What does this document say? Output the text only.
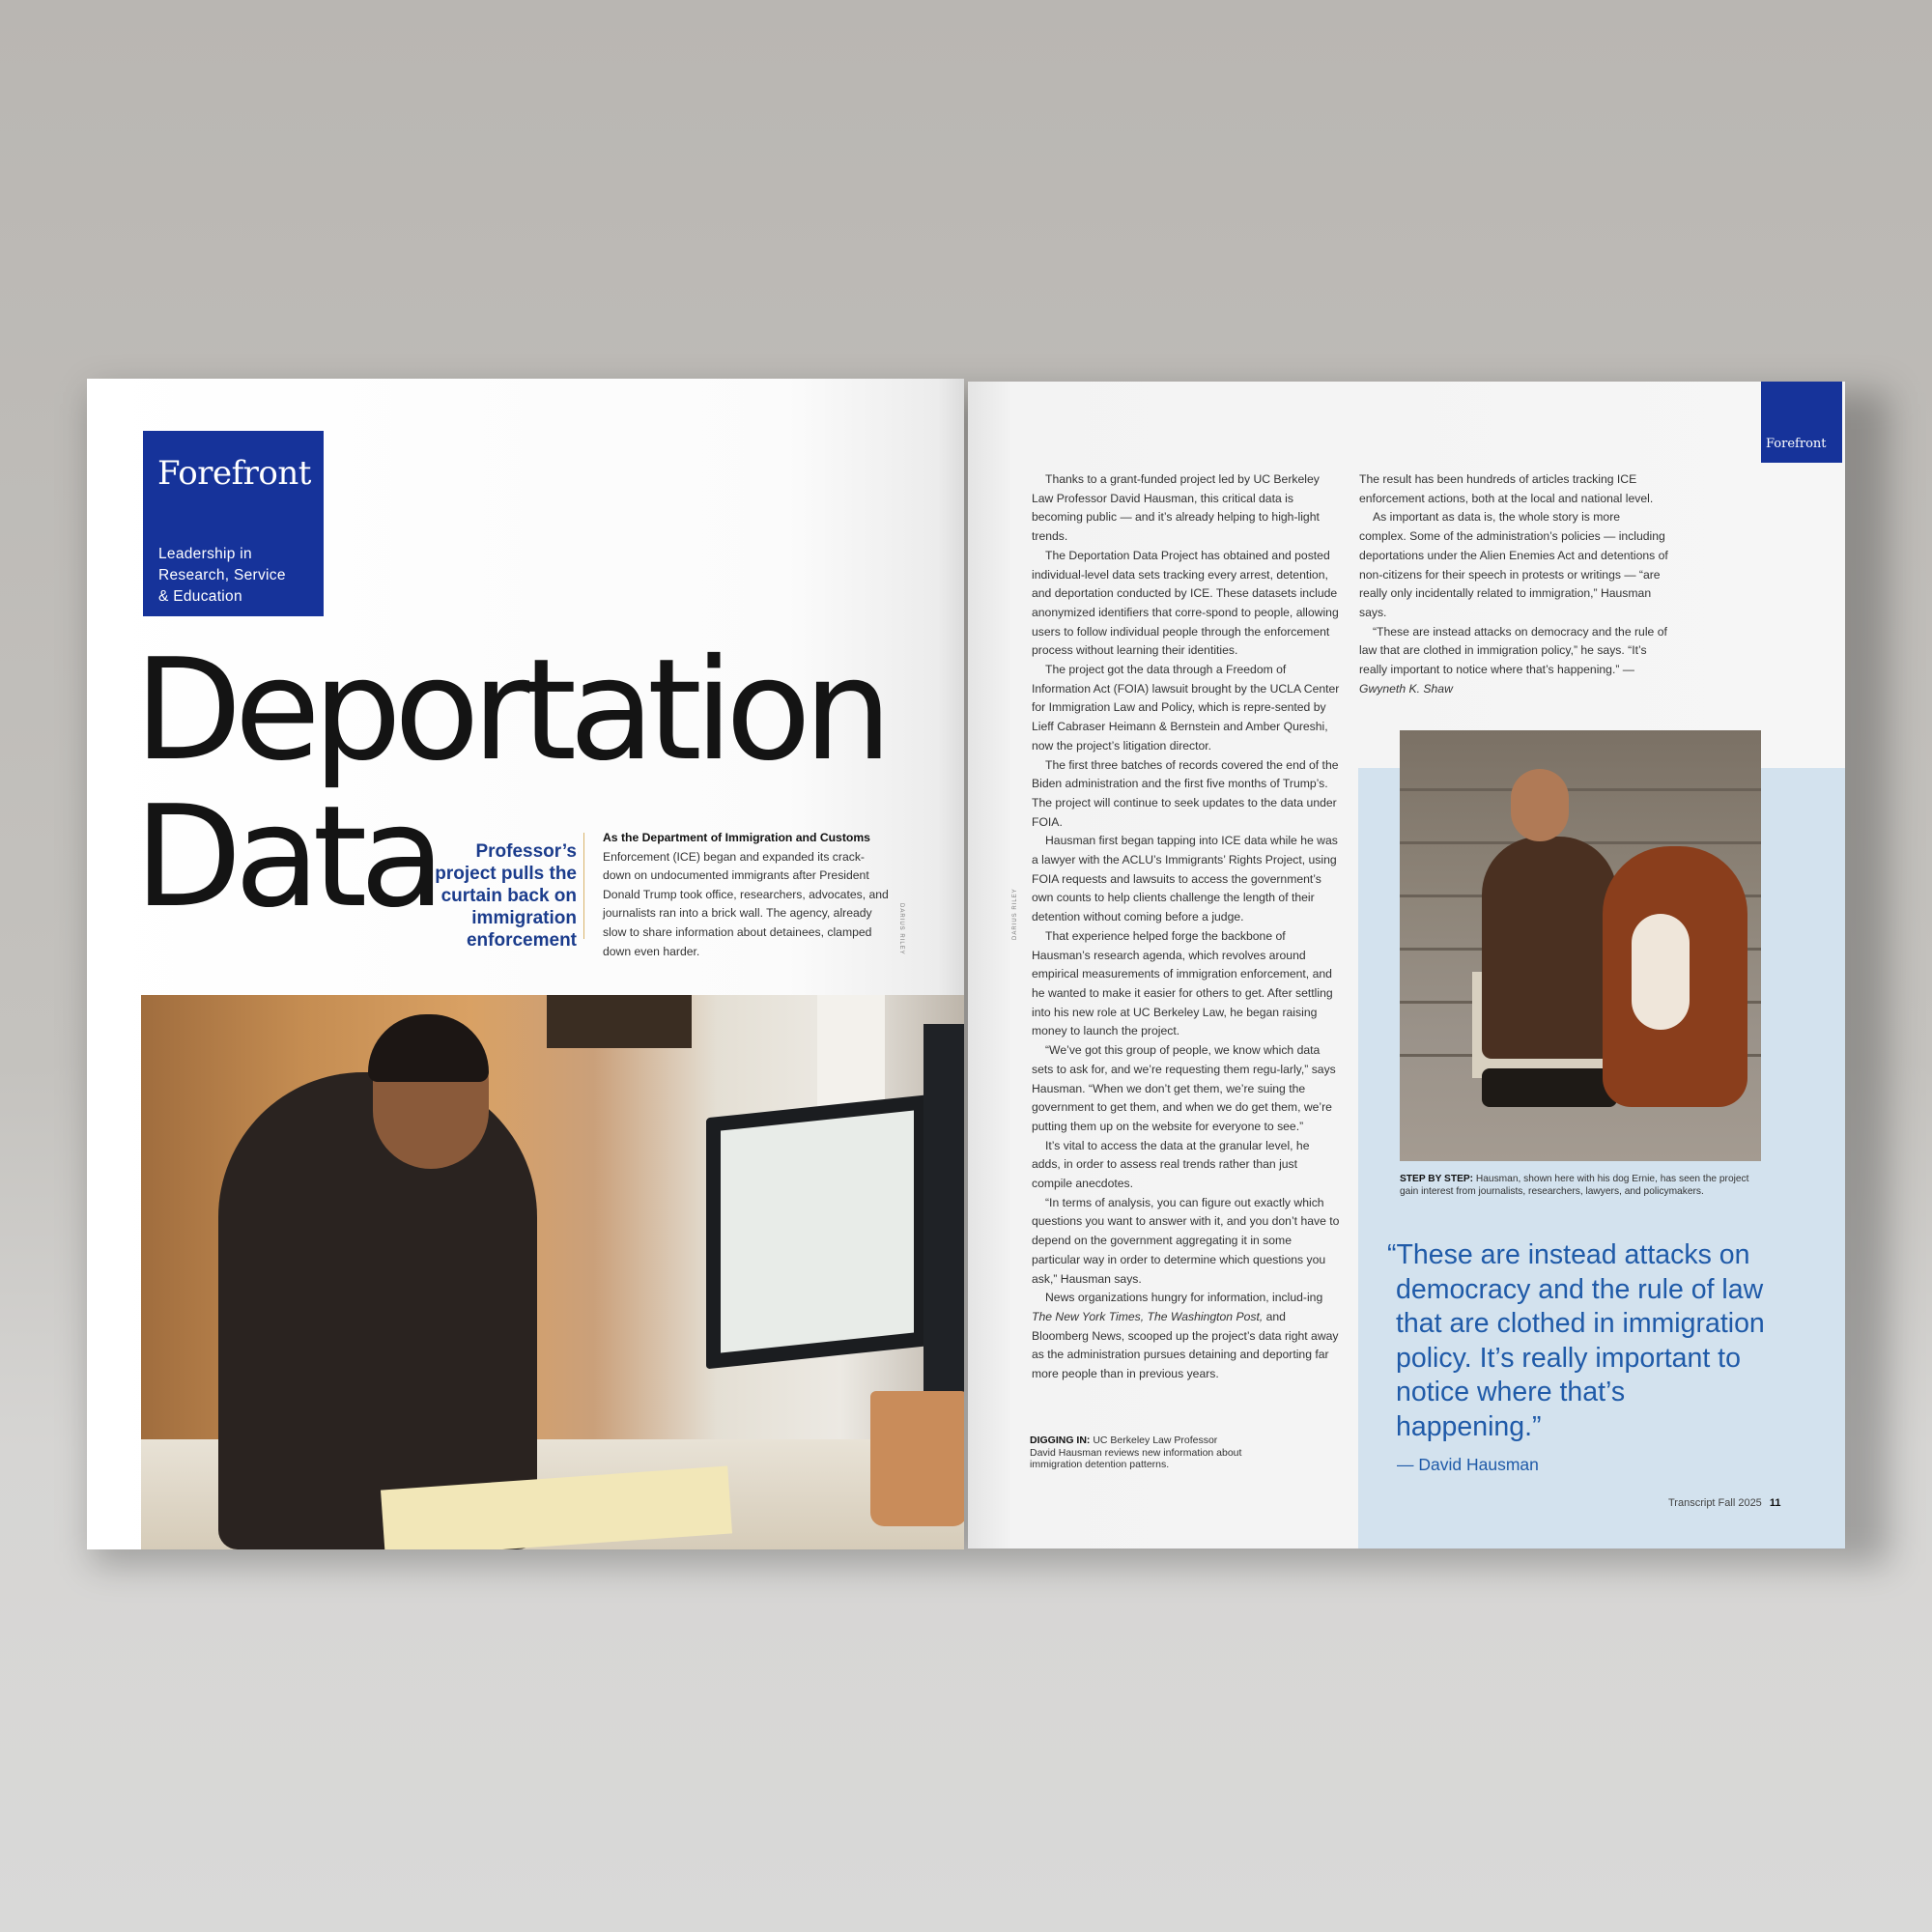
Forefront
Leadership in
Research, Service
& Education
Deportation
Data	Professor’s
project pulls the
curtain back on
immigration
enforcement
As the Department of Immigration and Customs Enforcement (ICE) began and expanded its crack-down on undocumented immigrants after President Donald Trump took office, researchers, advocates, and journalists ran into a brick wall. The agency, already slow to share information about detainees, clamped down even harder.	DARIUS RILEY
Forefront
DARIUS RILEY

Thanks to a grant-funded project led by UC Berkeley Law Professor David Hausman, this critical data is becoming public — and it’s already helping to high-light trends.

The Deportation Data Project has obtained and posted individual-level data sets tracking every arrest, detention, and deportation conducted by ICE. These datasets include anonymized identifiers that corre-spond to people, allowing users to follow individual people through the enforcement process without learning their identities.

The project got the data through a Freedom of Information Act (FOIA) lawsuit brought by the UCLA Center for Immigration Law and Policy, which is repre-sented by Lieff Cabraser Heimann & Bernstein and Amber Qureshi, now the project’s litigation director.

The first three batches of records covered the end of the Biden administration and the first five months of Trump’s. The project will continue to seek updates to the data under FOIA.

Hausman first began tapping into ICE data while he was a lawyer with the ACLU’s Immigrants’ Rights Project, using FOIA requests and lawsuits to access the government’s own counts to help clients challenge the length of their detention without coming before a judge.

That experience helped forge the backbone of Hausman’s research agenda, which revolves around empirical measurements of immigration enforcement, and he wanted to make it easier for others to get. After settling into his new role at UC Berkeley Law, he began raising money to launch the project.

“We’ve got this group of people, we know which data sets to ask for, and we’re requesting them regu-larly,” says Hausman. “When we don’t get them, we’re suing the government to get them, and when we do get them, we’re putting them up on the website for everyone to see.”

It’s vital to access the data at the granular level, he adds, in order to assess real trends rather than just compile anecdotes.

“In terms of analysis, you can figure out exactly which questions you want to answer with it, and you don’t have to depend on the government aggregating it in some particular way in order to determine which questions you ask,” Hausman says.

News organizations hungry for information, includ-ing The New York Times, The Washington Post, and Bloomberg News, scooped up the project’s data right away as the administration pursues detaining and deporting far more people than in previous years.

The result has been hundreds of articles tracking ICE enforcement actions, both at the local and national level.

As important as data is, the whole story is more complex. Some of the administration’s policies — including deportations under the Alien Enemies Act and detentions of non-citizens for their speech in protests or writings — “are really only incidentally related to immigration,” Hausman says.

“These are instead attacks on democracy and the rule of law that are clothed in immigration policy,” he says. “It’s really important to notice where that’s happening.” — Gwyneth K. Shaw

STEP BY STEP: Hausman, shown here with his dog Ernie, has seen the project gain interest from journalists, researchers, lawyers, and policymakers.
DIGGING IN: UC Berkeley Law Professor David Hausman reviews new information about immigration detention patterns.
“These are instead attacks on democracy and the rule of law that are clothed in immigration policy. It’s really important to notice where that’s happening.”
— David Hausman
Transcript Fall 2025 11
